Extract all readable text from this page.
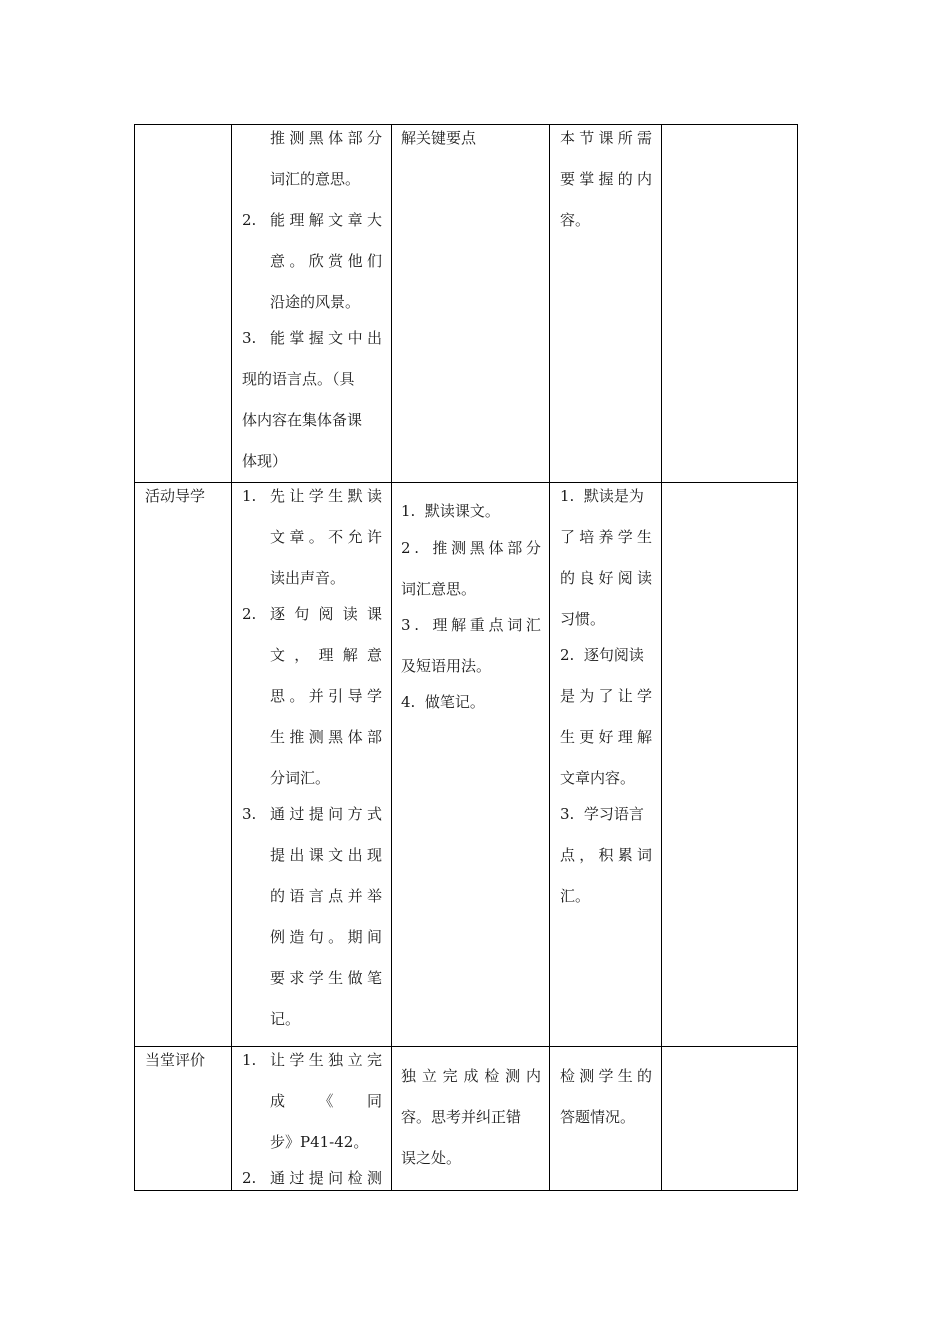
推 测 黑 体 部 分
词汇的意思。
2. 能 理 解 文 章 大
意 。 欣 赏 他 们
沿途的风景。
3. 能 掌 握 文 中 出
现的语言点。（具
体内容在集体备课
体现）
解关键要点	本 节 课 所 需
要 掌 握 的 内
容。
活动导学 1. 先 让 学 生 默 读
文 章 。 不 允 许
读出声音。
2. 逐 句 阅 读 课
文 ， 理 解 意
思 。 并 引 导 学
生 推 测 黑 体 部
分词汇。
3. 通 过 提 问 方 式
提 出 课 文 出 现
的 语 言 点 并 举
例 造 句 。 期 间
要 求 学 生 做 笔
记。
1.  默读课文。
2 . 推 测 黑 体 部 分
词汇意思。
3 . 理 解 重 点 词 汇
及短语用法。
4.  做笔记。
1.  默读是为
了 培 养 学 生
的 良 好 阅 读
习惯。
2.  逐句阅读
是 为 了 让 学
生 更 好 理 解
文章内容。
3.  学习语言
点 ， 积 累 词
汇。
当堂评价 1. 让 学 生 独 立 完
成 《 同
步》P41-42。
2. 通 过 提 问 检 测
独 立 完 成 检 测 内
容。思考并纠正错
误之处。
检 测 学 生 的
答题情况。
